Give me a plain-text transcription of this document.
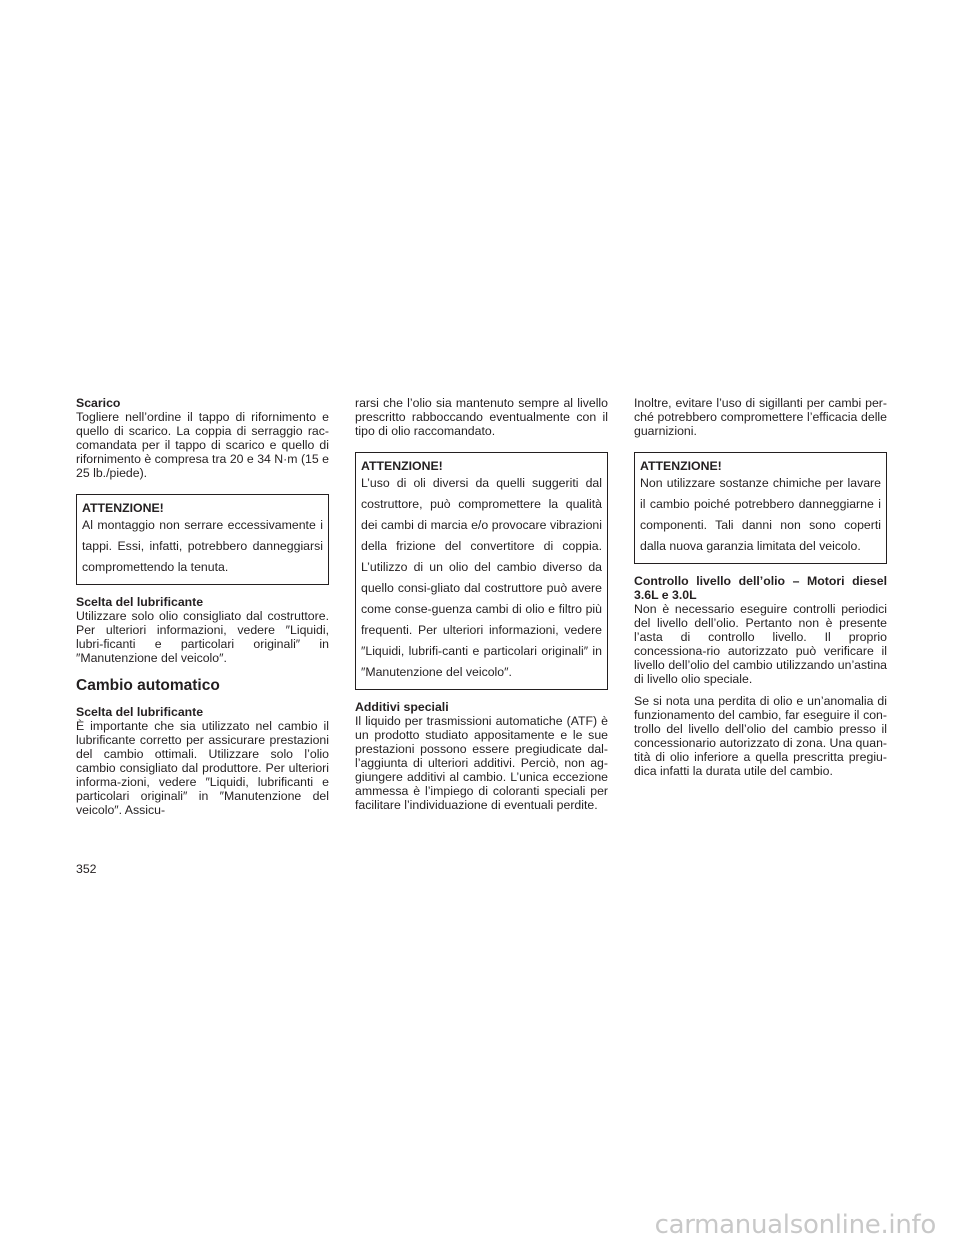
Scarico

Togliere nell’ordine il tappo di rifornimento e quello di scarico. La coppia di serraggio rac-comandata per il tappo di scarico e quello di rifornimento è compresa tra 20 e 34 N·m (15 e 25 lb./piede).

ATTENZIONE!
Al montaggio non serrare eccessivamente i tappi. Essi, infatti, potrebbero danneggiarsi compromettendo la tenuta.

Scelta del lubrificante

Utilizzare solo olio consigliato dal costruttore. Per ulteriori informazioni, vedere ″Liquidi, lubri-ficanti e particolari originali″ in ″Manutenzione del veicolo″.

Cambio automatico

Scelta del lubrificante

È importante che sia utilizzato nel cambio il lubrificante corretto per assicurare prestazioni del cambio ottimali. Utilizzare solo l’olio cambio consigliato dal produttore. Per ulteriori informa-zioni, vedere ″Liquidi, lubrificanti e particolari originali″ in ″Manutenzione del veicolo″. Assicu-

rarsi che l’olio sia mantenuto sempre al livello prescritto rabboccando eventualmente con il tipo di olio raccomandato.

ATTENZIONE!
L’uso di oli diversi da quelli suggeriti dal costruttore, può compromettere la qualità dei cambi di marcia e/o provocare vibrazioni della frizione del convertitore di coppia. L’utilizzo di un olio del cambio diverso da quello consi-gliato dal costruttore può avere come conse-guenza cambi di olio e filtro più frequenti. Per ulteriori informazioni, vedere ″Liquidi, lubrifi-canti e particolari originali″ in ″Manutenzione del veicolo″.

Additivi speciali

Il liquido per trasmissioni automatiche (ATF) è un prodotto studiato appositamente e le sue prestazioni possono essere pregiudicate dal-l’aggiunta di ulteriori additivi. Perciò, non ag-giungere additivi al cambio. L’unica eccezione ammessa è l’impiego di coloranti speciali per facilitare l’individuazione di eventuali perdite.

Inoltre, evitare l’uso di sigillanti per cambi per-ché potrebbero compromettere l’efficacia delle guarnizioni.

ATTENZIONE!
Non utilizzare sostanze chimiche per lavare il cambio poiché potrebbero danneggiarne i componenti. Tali danni non sono coperti dalla nuova garanzia limitata del veicolo.

Controllo livello dell’olio – Motori diesel 3.6L e 3.0L

Non è necessario eseguire controlli periodici del livello dell’olio. Pertanto non è presente l’asta di controllo livello. Il proprio concessiona-rio autorizzato può verificare il livello dell’olio del cambio utilizzando un’astina di livello olio speciale.

Se si nota una perdita di olio e un’anomalia di funzionamento del cambio, far eseguire il con-trollo del livello dell’olio del cambio presso il concessionario autorizzato di zona. Una quan-tità di olio inferiore a quella prescritta pregiu-dica infatti la durata utile del cambio.

352
carmanualsonline.info
